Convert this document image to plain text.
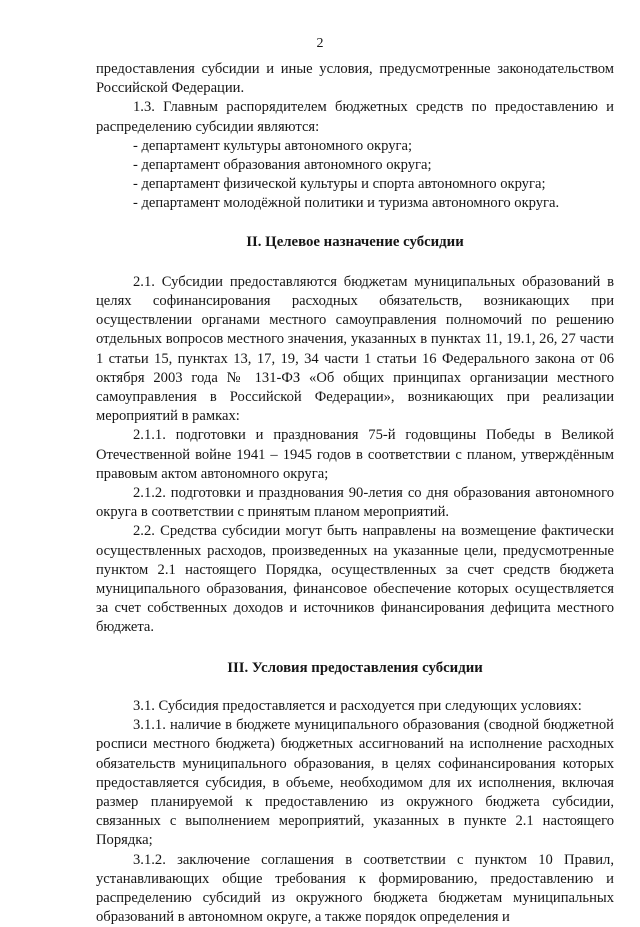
2

предоставления субсидии и иные условия, предусмотренные законодательством Российской Федерации.

1.3. Главным распорядителем бюджетных средств по предоставлению и распределению субсидии являются:

- департамент культуры автономного округа;

- департамент образования автономного округа;

- департамент физической культуры и спорта автономного округа;

- департамент молодёжной политики и туризма автономного округа.

II. Целевое назначение субсидии

2.1. Субсидии предоставляются бюджетам муниципальных образований в целях софинансирования расходных обязательств, возникающих при осуществлении органами местного самоуправления полномочий по решению отдельных вопросов местного значения, указанных в пунктах 11, 19.1, 26, 27 части 1 статьи 15, пунктах 13, 17, 19, 34 части 1 статьи 16 Федерального закона от 06 октября 2003 года № 131-ФЗ «Об общих принципах организации местного самоуправления в Российской Федерации», возникающих при реализации мероприятий в рамках:

2.1.1. подготовки и празднования 75-й годовщины Победы в Великой Отечественной войне 1941 – 1945 годов в соответствии с планом, утверждённым правовым актом автономного округа;

2.1.2. подготовки и празднования 90-летия со дня образования автономного округа в соответствии с принятым планом мероприятий.

2.2. Средства субсидии могут быть направлены на возмещение фактически осуществленных расходов, произведенных на указанные цели, предусмотренные пунктом 2.1 настоящего Порядка, осуществленных за счет средств бюджета муниципального образования, финансовое обеспечение которых осуществляется за счет собственных доходов и источников финансирования дефицита местного бюджета.

III. Условия предоставления субсидии

3.1. Субсидия предоставляется и расходуется при следующих условиях:

3.1.1. наличие в бюджете муниципального образования (сводной бюджетной росписи местного бюджета) бюджетных ассигнований на исполнение расходных обязательств муниципального образования, в целях софинансирования которых предоставляется субсидия, в объеме, необходимом для их исполнения, включая размер планируемой к предоставлению из окружного бюджета субсидии, связанных с выполнением мероприятий, указанных в пункте 2.1 настоящего Порядка;

3.1.2. заключение соглашения в соответствии с пунктом 10 Правил, устанавливающих общие требования к формированию, предоставлению и распределению субсидий из окружного бюджета бюджетам муниципальных образований в автономном округе, а также порядок определения и
